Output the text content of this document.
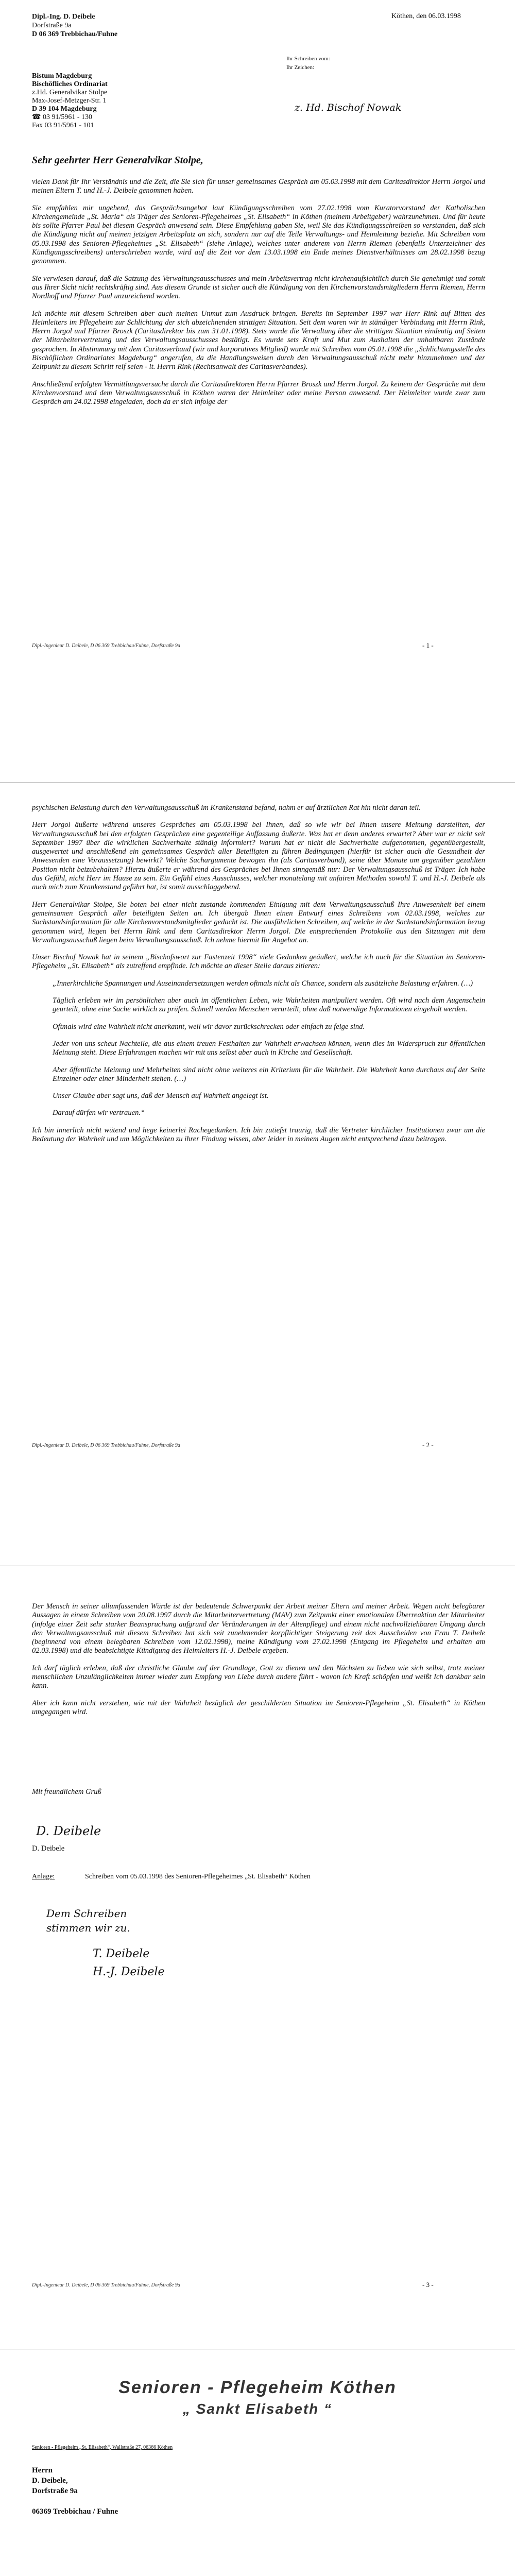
Dipl.-Ing. D. Deibele
Dorfstraße 9a
D 06 369 Trebbichau/Fuhne
Köthen, den 06.03.1998
Ihr Schreiben vom:
Ihr Zeichen:
z. Hd. Bischof Nowak
Bistum Magdeburg
Bischöfliches Ordinariat
z.Hd. Generalvikar Stolpe
Max-Josef-Metzger-Str. 1
D 39 104 Magdeburg
☎ 03 91/5961 - 130
Fax 03 91/5961 - 101
Sehr geehrter Herr Generalvikar Stolpe,

vielen Dank für Ihr Verständnis und die Zeit, die Sie sich für unser gemeinsames Gespräch am 05.03.1998 mit dem Caritasdirektor Herrn Jorgol und meinen Eltern T. und H.-J. Deibele genommen haben.

Sie empfahlen mir ungehend, das Gesprächsangebot laut Kündigungsschreiben vom 27.02.1998 vom Kuratorvorstand der Katholischen Kirchengemeinde „St. Maria“ als Träger des Senioren-Pflegeheimes „St. Elisabeth“ in Köthen (meinem Arbeitgeber) wahrzunehmen. Und für heute bis sollte Pfarrer Paul bei diesem Gespräch anwesend sein. Diese Empfehlung gaben Sie, weil Sie das Kündigungsschreiben so verstanden, daß sich die Kündigung nicht auf meinen jetzigen Arbeitsplatz an sich, sondern nur auf die Teile Verwaltungs- und Heimleitung beziehe. Mit Schreiben vom 05.03.1998 des Senioren-Pflegeheimes „St. Elisabeth“ (siehe Anlage), welches unter anderem von Herrn Riemen (ebenfalls Unterzeichner des Kündigungsschreibens) unterschrieben wurde, wird auf die Zeit vor dem 13.03.1998 ein Ende meines Dienstverhältnisses am 28.02.1998 bezug genommen.

Sie verwiesen darauf, daß die Satzung des Verwaltungsausschusses und mein Arbeitsvertrag nicht kirchenaufsichtlich durch Sie genehmigt und somit aus Ihrer Sicht nicht rechtskräftig sind. Aus diesem Grunde ist sicher auch die Kündigung von den Kirchenvorstandsmitgliedern Herrn Riemen, Herrn Nordhoff und Pfarrer Paul unzureichend worden.

Ich möchte mit diesem Schreiben aber auch meinen Unmut zum Ausdruck bringen. Bereits im September 1997 war Herr Rink auf Bitten des Heimleiters im Pflegeheim zur Schlichtung der sich abzeichnenden strittigen Situation. Seit dem waren wir in ständiger Verbindung mit Herrn Rink, Herrn Jorgol und Pfarrer Broszk (Caritasdirektor bis zum 31.01.1998). Stets wurde die Verwaltung über die strittigen Situation eindeutig auf Seiten der Mitarbeitervertretung und des Verwaltungsausschusses bestätigt. Es wurde sets Kraft und Mut zum Aushalten der unhaltbaren Zustände gesprochen. In Abstimmung mit dem Caritasverband (wir und korporatives Mitglied) wurde mit Schreiben vom 05.01.1998 die „Schlichtungsstelle des Bischöflichen Ordinariates Magdeburg“ angerufen, da die Handlungsweisen durch den Verwaltungsausschuß nicht mehr hinzunehmen und der Zeitpunkt zu diesem Schritt reif seien - lt. Herrn Rink (Rechtsanwalt des Caritasverbandes).

Anschließend erfolgten Vermittlungsversuche durch die Caritasdirektoren Herrn Pfarrer Broszk und Herrn Jorgol. Zu keinem der Gespräche mit dem Kirchenvorstand und dem Verwaltungsausschuß in Köthen waren der Heimleiter oder meine Person anwesend. Der Heimleiter wurde zwar zum Gespräch am 24.02.1998 eingeladen, doch da er sich infolge der

Dipl.-Ingenieur D. Deibele, D 06 369 Trebbichau/Fuhne, Dorfstraße 9a	- 1 -

psychischen Belastung durch den Verwaltungsausschuß im Krankenstand befand, nahm er auf ärztlichen Rat hin nicht daran teil.

Herr Jorgol äußerte während unseres Gespräches am 05.03.1998 bei Ihnen, daß so wie wir bei Ihnen unsere Meinung darstellten, der Verwaltungsausschuß bei den erfolgten Gesprächen eine gegenteilige Auffassung äußerte. Was hat er denn anderes erwartet? Aber war er nicht seit September 1997 über die wirklichen Sachverhalte ständig informiert? Warum hat er nicht die Sachverhalte aufgenommen, gegenübergestellt, ausgewertet und anschließend ein gemeinsames Gespräch aller Beteiligten zu führen Bedingungen (hierfür ist sicher auch die Gesundheit der Anwesenden eine Voraussetzung) bewirkt? Welche Sachargumente bewogen ihn (als Caritasverband), seine über Monate um gegenüber gezahlten Position nicht beizubehalten? Hierzu äußerte er während des Gespräches bei Ihnen sinngemäß nur: Der Verwaltungsausschuß ist Träger. Ich habe das Gefühl, nicht Herr im Hause zu sein. Ein Gefühl eines Ausschusses, welcher monatelang mit unfairen Methoden sowohl T. und H.-J. Deibele als auch mich zum Krankenstand geführt hat, ist somit ausschlaggebend.

Herr Generalvikar Stolpe, Sie boten bei einer nicht zustande kommenden Einigung mit dem Verwaltungsausschuß Ihre Anwesenheit bei einem gemeinsamen Gespräch aller beteiligten Seiten an. Ich übergab Ihnen einen Entwurf eines Schreibens vom 02.03.1998, welches zur Sachstandsinformation für alle Kirchenvorstandsmitglieder gedacht ist. Die ausführlichen Schreiben, auf welche in der Sachstandsinformation bezug genommen wird, liegen bei Herrn Rink und dem Caritasdirektor Herrn Jorgol. Die entsprechenden Protokolle aus den Sitzungen mit dem Verwaltungsausschuß liegen beim Verwaltungsausschuß. Ich nehme hiermit Ihr Angebot an.

Unser Bischof Nowak hat in seinem „Bischofswort zur Fastenzeit 1998“ viele Gedanken geäußert, welche ich auch für die Situation im Senioren-Pflegeheim „St. Elisabeth“ als zutreffend empfinde. Ich möchte an dieser Stelle daraus zitieren:

„Innerkirchliche Spannungen und Auseinandersetzungen werden oftmals nicht als Chance, sondern als zusätzliche Belastung erfahren. (…)

Täglich erleben wir im persönlichen aber auch im öffentlichen Leben, wie Wahrheiten manipuliert werden. Oft wird nach dem Augenschein geurteilt, ohne eine Sache wirklich zu prüfen. Schnell werden Menschen verurteilt, ohne daß notwendige Informationen eingeholt werden.

Oftmals wird eine Wahrheit nicht anerkannt, weil wir davor zurückschrecken oder einfach zu feige sind.

Jeder von uns scheut Nachteile, die aus einem treuen Festhalten zur Wahrheit erwachsen können, wenn dies im Widerspruch zur öffentlichen Meinung steht. Diese Erfahrungen machen wir mit uns selbst aber auch in Kirche und Gesellschaft.

Aber öffentliche Meinung und Mehrheiten sind nicht ohne weiteres ein Kriterium für die Wahrheit. Die Wahrheit kann durchaus auf der Seite Einzelner oder einer Minderheit stehen. (…)

Unser Glaube aber sagt uns, daß der Mensch auf Wahrheit angelegt ist.

Darauf dürfen wir vertrauen.“

Ich bin innerlich nicht wütend und hege keinerlei Rachegedanken. Ich bin zutiefst traurig, daß die Vertreter kirchlicher Institutionen zwar um die Bedeutung der Wahrheit und um Möglichkeiten zu ihrer Findung wissen, aber leider in meinem Augen nicht entsprechend dazu beitragen.

Dipl.-Ingenieur D. Deibele, D 06 369 Trebbichau/Fuhne, Dorfstraße 9a	- 2 -

Der Mensch in seiner allumfassenden Würde ist der bedeutende Schwerpunkt der Arbeit meiner Eltern und meiner Arbeit. Wegen nicht belegbarer Aussagen in einem Schreiben vom 20.08.1997 durch die Mitarbeitervertretung (MAV) zum Zeitpunkt einer emotionalen Überreaktion der Mitarbeiter (infolge einer Zeit sehr starker Beanspruchung aufgrund der Veränderungen in der Altenpflege) und einem nicht nachvollziehbaren Umgang durch den Verwaltungsausschuß mit diesem Schreiben hat sich seit zunehmender korpflichtiger Steigerung zeit das Ausscheiden von Frau T. Deibele (beginnend von einem belegbaren Schreiben vom 12.02.1998), meine Kündigung vom 27.02.1998 (Entgang im Pflegeheim und erhalten am 02.03.1998) und die beabsichtigte Kündigung des Heimleiters H.-J. Deibele ergeben.

Ich darf täglich erleben, daß der christliche Glaube auf der Grundlage, Gott zu dienen und den Nächsten zu lieben wie sich selbst, trotz meiner menschlichen Unzulänglichkeiten immer wieder zum Empfang von Liebe durch andere führt - wovon ich Kraft schöpfen und weißt Ich dankbar sein kann.

Aber ich kann nicht verstehen, wie mit der Wahrheit bezüglich der geschilderten Situation im Senioren-Pflegeheim „St. Elisabeth“ in Köthen umgegangen wird.

Mit freundlichem Gruß
D. Deibele
D. Deibele
Anlage:	Schreiben vom 05.03.1998 des Senioren-Pflegeheimes „St. Elisabeth“ Köthen
Dem Schreiben stimmen wir zu.
T. Deibele
H.-J. Deibele
Dipl.-Ingenieur D. Deibele, D 06 369 Trebbichau/Fuhne, Dorfstraße 9a	- 3 -
Senioren - Pflegeheim Köthen
„ Sankt Elisabeth “
Senioren - Pflegeheim „St. Elisabeth“, Wallstraße 27, 06366 Köthen
Herrn
D. Deibele,
Dorfstraße 9a
06369 Trebbichau / Fuhne
